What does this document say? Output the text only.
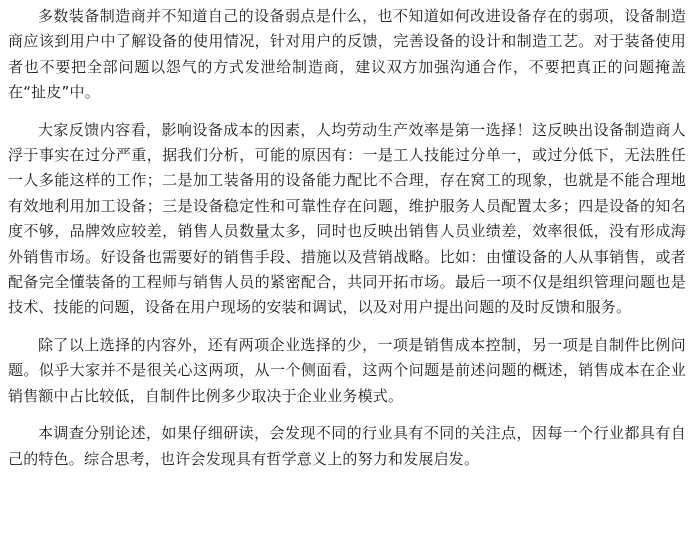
多数装备制造商并不知道自己的设备弱点是什么，也不知道如何改进设备存在的弱项，设备制造商应该到用户中了解设备的使用情况，针对用户的反馈，完善设备的设计和制造工艺。对于装备使用者也不要把全部问题以怨气的方式发泄给制造商，建议双方加强沟通合作，不要把真正的问题掩盖在“扯皮”中。

大家反馈内容看，影响设备成本的因素，人均劳动生产效率是第一选择！这反映出设备制造商人浮于事实在过分严重，据我们分析，可能的原因有：一是工人技能过分单一，或过分低下，无法胜任一人多能这样的工作；二是加工装备用的设备能力配比不合理，存在窝工的现象，也就是不能合理地有效地利用加工设备；三是设备稳定性和可靠性存在问题，维护服务人员配置太多；四是设备的知名度不够，品牌效应较差，销售人员数量太多，同时也反映出销售人员业绩差，效率很低，没有形成海外销售市场。好设备也需要好的销售手段、措施以及营销战略。比如：由懂设备的人从事销售，或者配备完全懂装备的工程师与销售人员的紧密配合，共同开拓市场。最后一项不仅是组织管理问题也是技术、技能的问题，设备在用户现场的安装和调试，以及对用户提出问题的及时反馈和服务。

除了以上选择的内容外，还有两项企业选择的少，一项是销售成本控制，另一项是自制件比例问题。似乎大家并不是很关心这两项，从一个侧面看，这两个问题是前述问题的概述，销售成本在企业销售额中占比较低，自制件比例多少取决于企业业务模式。

本调查分别论述，如果仔细研读，会发现不同的行业具有不同的关注点，因每一个行业都具有自己的特色。综合思考，也许会发现具有哲学意义上的努力和发展启发。
